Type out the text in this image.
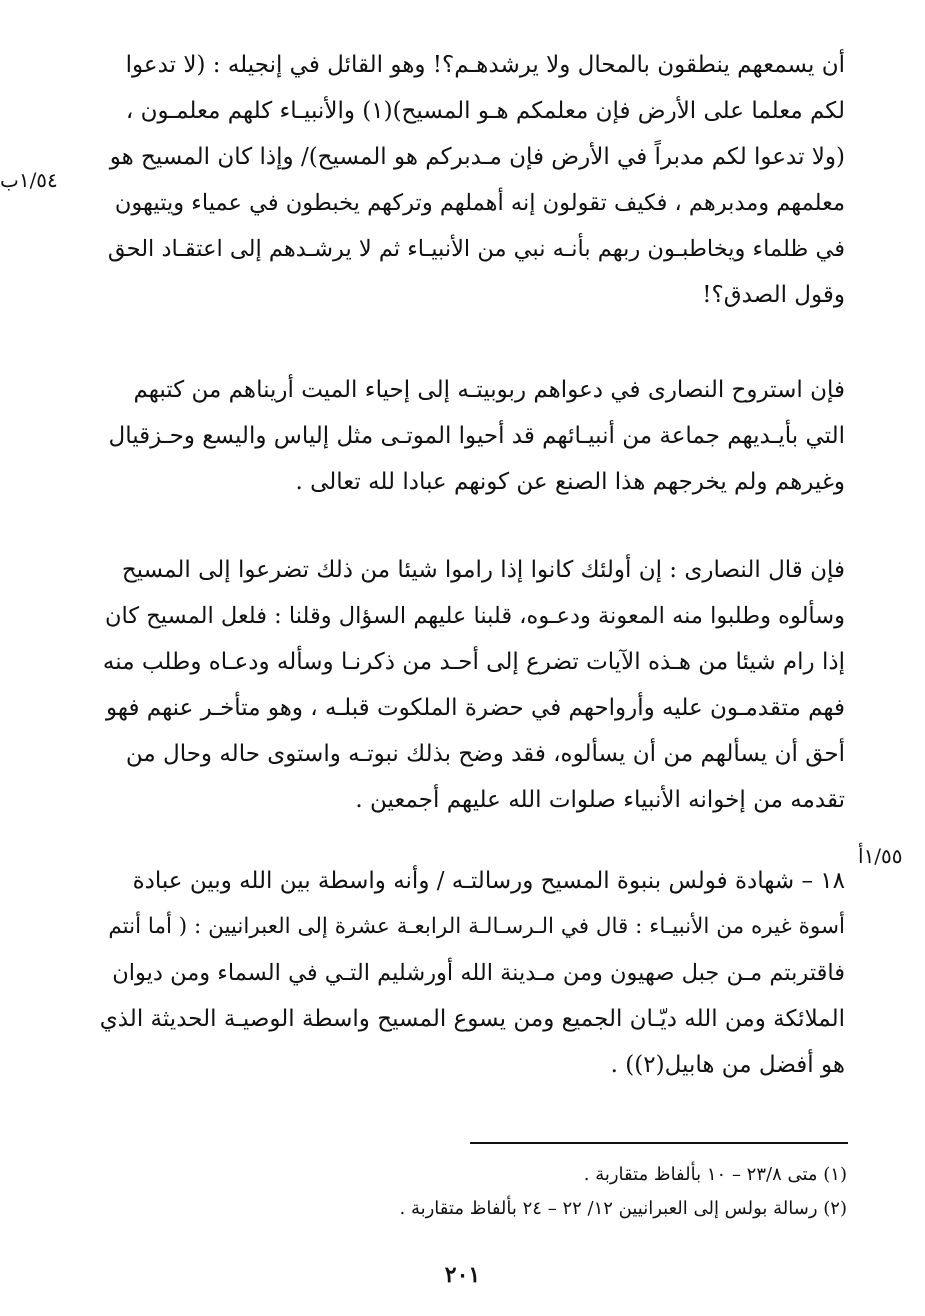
أن يسمعهم ينطقون بالمحال ولا يرشدهـم؟! وهو القائل في إنجيله : (لا تدعوا
لكم معلما على الأرض فإن معلمكم هـو المسيح)(١) والأنبيـاء كلهم معلمـون ،
(ولا تدعوا لكم مدبراً في الأرض فإن مـدبركم هو المسيح)/ وإذا كان المسيح هو
معلمهم ومدبرهم ، فكيف تقولون إنه أهملهم وتركهم يخبطون في عمياء ويتيهون
في ظلماء ويخاطبـون ربهم بأنـه نبي من الأنبيـاء ثم لا يرشـدهم إلى اعتقـاد الحق
وقول الصدق؟!
فإن استروح النصارى في دعواهم ربوبيتـه إلى إحياء الميت أريناهم من كتبهم
التي بأيـديهم جماعة من أنبيـائهم قد أحيوا الموتـى مثل إلياس واليسع وحـزقيال
وغيرهم ولم يخرجهم هذا الصنع عن كونهم عبادا لله تعالى .
فإن قال النصارى : إن أولئك كانوا إذا راموا شيئا من ذلك تضرعوا إلى المسيح
وسألوه وطلبوا منه المعونة ودعـوه، قلبنا عليهم السؤال وقلنا : فلعل المسيح كان
إذا رام شيئا من هـذه الآيات تضرع إلى أحـد من ذكرنـا وسأله ودعـاه وطلب منه
فهم متقدمـون عليه وأرواحهم في حضرة الملكوت قبلـه ، وهو متأخـر عنهم فهو
أحق أن يسألهم من أن يسألوه، فقد وضح بذلك نبوتـه واستوى حاله وحال من
تقدمه من إخوانه الأنبياء صلوات الله عليهم أجمعين .
١٨ – شهادة فولس بنبوة المسيح ورسالتـه / وأنه واسطة بين الله وبين عبادة
أسوة غيره من الأنبيـاء : قال في الـرسـالـة الرابعـة عشرة إلى العبرانيين : ( أما أنتم
فاقتربتم مـن جبل صهيون ومن مـدينة الله أورشليم التـي في السماء ومن ديوان
الملائكة ومن الله ديّـان الجميع ومن يسوع المسيح واسطة الوصيـة الحديثة الذي
هو أفضل من هابيل(٢)) .
١/٥٤ب
١/٥٥أ
(١) متى ٢٣/٨ – ١٠ بألفاظ متقاربة .
(٢) رسالة بولس إلى العبرانيين ١٢/ ٢٢ – ٢٤ بألفاظ متقاربة .
٢٠١
